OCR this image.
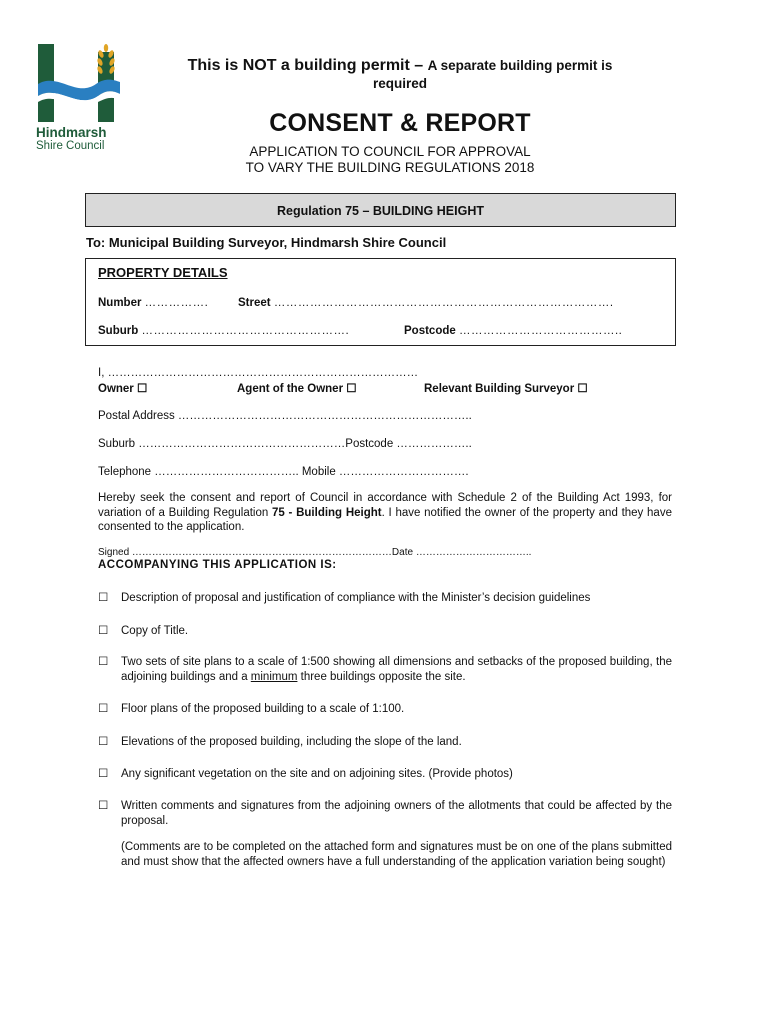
Hindmarsh
Shire Council
This is NOT a building permit – A separate building permit is
required
CONSENT & REPORT
APPLICATION TO COUNCIL FOR APPROVAL
TO VARY THE BUILDING REGULATIONS 2018
Regulation 75 – BUILDING HEIGHT
To: Municipal Building Surveyor, Hindmarsh Shire Council
PROPERTY DETAILS
Number …………….	Street ………………………………………………………………………….
Suburb …………………………………………….	Postcode …………………………………..
I, ………………………………………………………………………
Owner ☐	Agent of the Owner ☐	Relevant Building Surveyor ☐
Postal Address …………………………………………………………………..
Suburb ………………………………………………Postcode ………………..
Telephone ……………………………….. Mobile …………………………….
Hereby seek the consent and report of Council in accordance with Schedule 2 of the Building Act 1993, for variation of a Building Regulation 75 - Building Height. I have notified the owner of the property and they have consented to the application.
Signed ……………………………………………………………………Date ……………………………..
ACCOMPANYING THIS APPLICATION IS:
☐ Description of proposal and justification of compliance with the Minister’s decision guidelines
☐ Copy of Title.
☐ Two sets of site plans to a scale of 1:500 showing all dimensions and setbacks of the proposed building, the adjoining buildings and a minimum three buildings opposite the site.
☐ Floor plans of the proposed building to a scale of 1:100.
☐ Elevations of the proposed building, including the slope of the land.
☐ Any significant vegetation on the site and on adjoining sites. (Provide photos)
☐ Written comments and signatures from the adjoining owners of the allotments that could be affected by the proposal.
(Comments are to be completed on the attached form and signatures must be on one of the plans submitted and must show that the affected owners have a full understanding of the application variation being sought)
